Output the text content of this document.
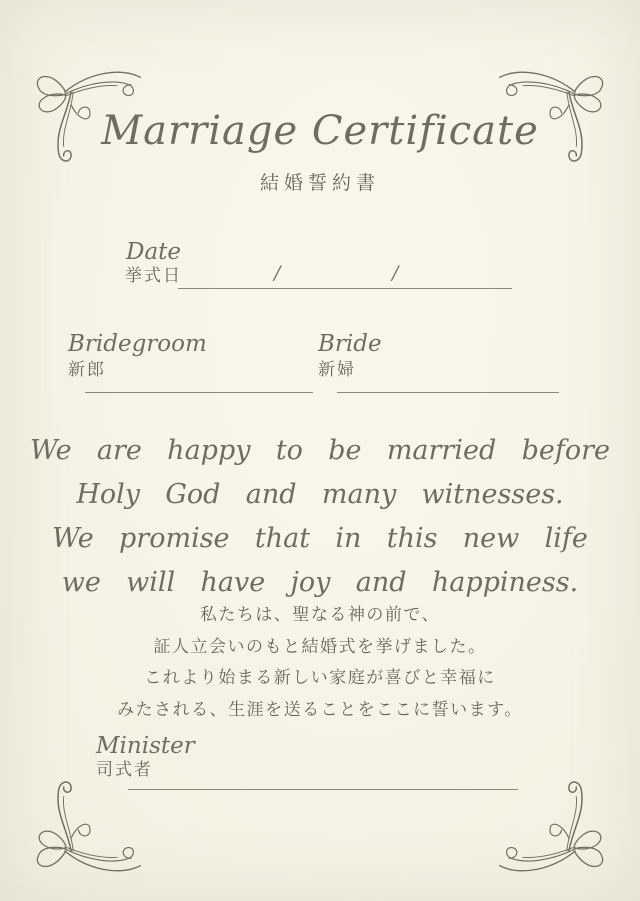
Marriage Certificate
結婚誓約書
Date
挙式日	/	/
Bridegroom
新郎
Bride
新婦
We are happy to be married before
Holy God and many witnesses.
We promise that in this new life
we will have joy and happiness.
私たちは、聖なる神の前で、
証人立会いのもと結婚式を挙げました。
これより始まる新しい家庭が喜びと幸福に
みたされる、生涯を送ることをここに誓います。
Minister
司式者
